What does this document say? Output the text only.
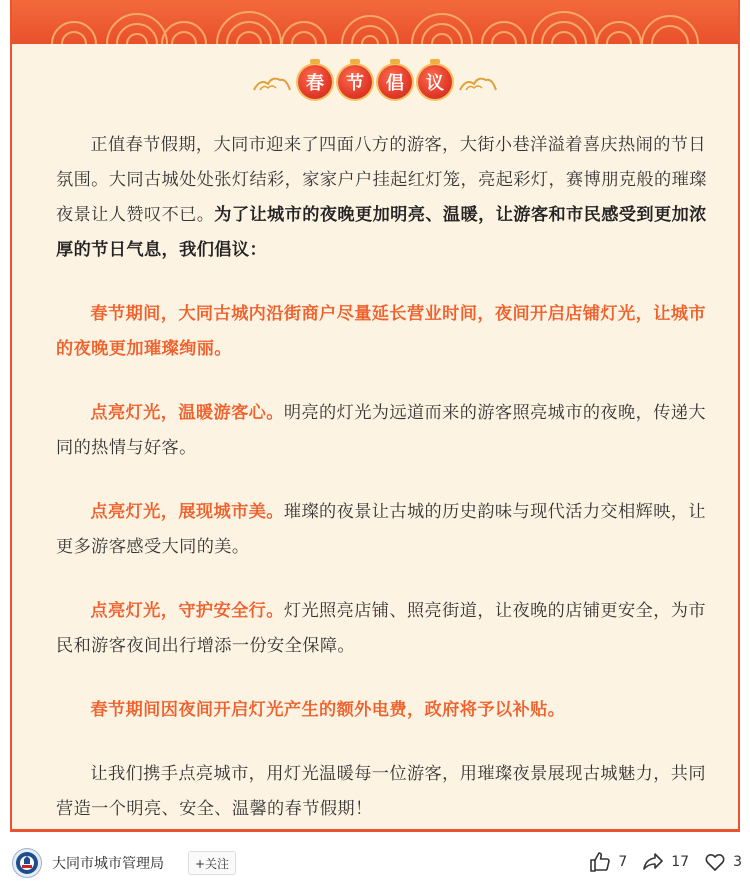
春	节	倡	议

正值春节假期，大同市迎来了四面八方的游客，大街小巷洋溢着喜庆热闹的节日氛围。大同古城处处张灯结彩，家家户户挂起红灯笼，亮起彩灯，赛博朋克般的璀璨夜景让人赞叹不已。为了让城市的夜晚更加明亮、温暖，让游客和市民感受到更加浓厚的节日气息，我们倡议：

春节期间，大同古城内沿街商户尽量延长营业时间，夜间开启店铺灯光，让城市的夜晚更加璀璨绚丽。

点亮灯光，温暖游客心。明亮的灯光为远道而来的游客照亮城市的夜晚，传递大同的热情与好客。

点亮灯光，展现城市美。璀璨的夜景让古城的历史韵味与现代活力交相辉映，让更多游客感受大同的美。

点亮灯光，守护安全行。灯光照亮店铺、照亮街道，让夜晚的店铺更安全，为市民和游客夜间出行增添一份安全保障。

春节期间因夜间开启灯光产生的额外电费，政府将予以补贴。

让我们携手点亮城市，用灯光温暖每一位游客，用璀璨夜景展现古城魅力，共同营造一个明亮、安全、温馨的春节假期！

大同市城市管理局	+关注	7	17	3
